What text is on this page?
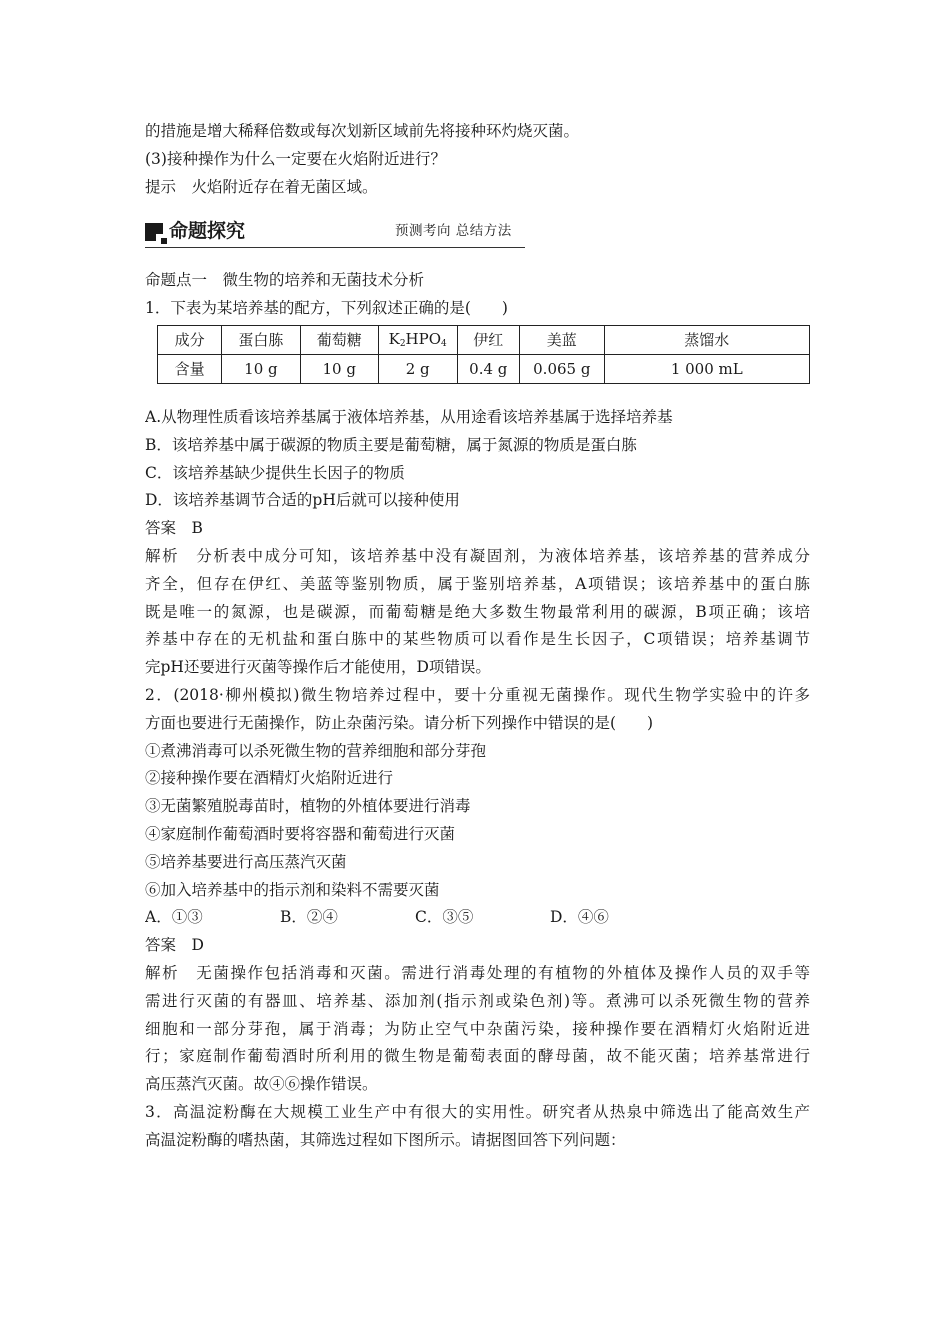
的措施是增大稀释倍数或每次划新区域前先将接种环灼烧灭菌。
(3)接种操作为什么一定要在火焰附近进行？
提示　火焰附近存在着无菌区域。
命题探究	预测考向 总结方法
命题点一　微生物的培养和无菌技术分析
1．下表为某培养基的配方，下列叙述正确的是(　　)
成分	蛋白胨	葡萄糖	$K_2HPO_4$	伊红	美蓝	蒸馏水
含量	10 g	10 g	2 g	0.4 g	0.065 g	1 000 mL
A.从物理性质看该培养基属于液体培养基，从用途看该培养基属于选择培养基
B．该培养基中属于碳源的物质主要是葡萄糖，属于氮源的物质是蛋白胨
C．该培养基缺少提供生长因子的物质
D．该培养基调节合适的pH后就可以接种使用
答案　B
解析　分析表中成分可知，该培养基中没有凝固剂，为液体培养基，该培养基的营养成分
齐全，但存在伊红、美蓝等鉴别物质，属于鉴别培养基，A项错误；该培养基中的蛋白胨
既是唯一的氮源，也是碳源，而葡萄糖是绝大多数生物最常利用的碳源，B项正确；该培
养基中存在的无机盐和蛋白胨中的某些物质可以看作是生长因子，C项错误；培养基调节
完pH还要进行灭菌等操作后才能使用，D项错误。
2．(2018·柳州模拟)微生物培养过程中，要十分重视无菌操作。现代生物学实验中的许多
方面也要进行无菌操作，防止杂菌污染。请分析下列操作中错误的是(　　)
①煮沸消毒可以杀死微生物的营养细胞和部分芽孢
②接种操作要在酒精灯火焰附近进行
③无菌繁殖脱毒苗时，植物的外植体要进行消毒
④家庭制作葡萄酒时要将容器和葡萄进行灭菌
⑤培养基要进行高压蒸汽灭菌
⑥加入培养基中的指示剂和染料不需要灭菌
A．①③	B．②④	C．③⑤	D．④⑥
答案　D
解析　无菌操作包括消毒和灭菌。需进行消毒处理的有植物的外植体及操作人员的双手等
需进行灭菌的有器皿、培养基、添加剂(指示剂或染色剂)等。煮沸可以杀死微生物的营养
细胞和一部分芽孢，属于消毒；为防止空气中杂菌污染，接种操作要在酒精灯火焰附近进
行；家庭制作葡萄酒时所利用的微生物是葡萄表面的酵母菌，故不能灭菌；培养基常进行
高压蒸汽灭菌。故④⑥操作错误。
3．高温淀粉酶在大规模工业生产中有很大的实用性。研究者从热泉中筛选出了能高效生产
高温淀粉酶的嗜热菌，其筛选过程如下图所示。请据图回答下列问题：
